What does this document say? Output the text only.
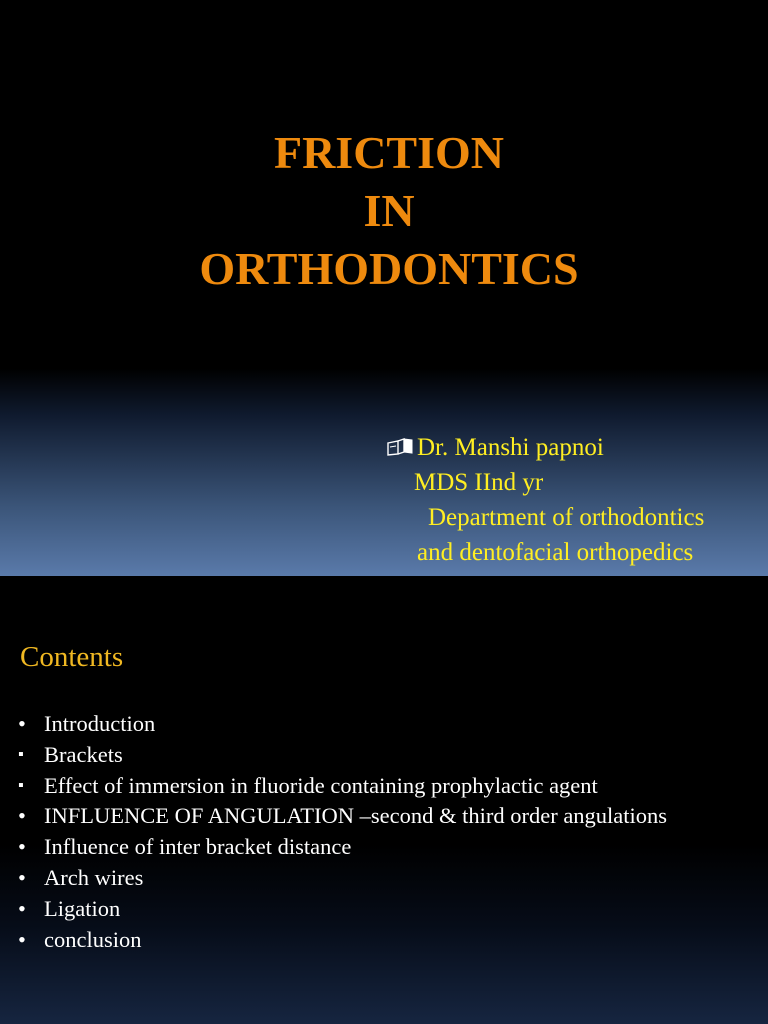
FRICTION
IN
ORTHODONTICS
Dr. Manshi papnoi
MDS IInd yr
Department of orthodontics
and dentofacial orthopedics
Contents
• Introduction
▪ Brackets
▪ Effect of immersion in fluoride containing prophylactic agent
• INFLUENCE OF ANGULATION –second & third order angulations
• Influence of inter bracket distance
• Arch wires
• Ligation
• conclusion
